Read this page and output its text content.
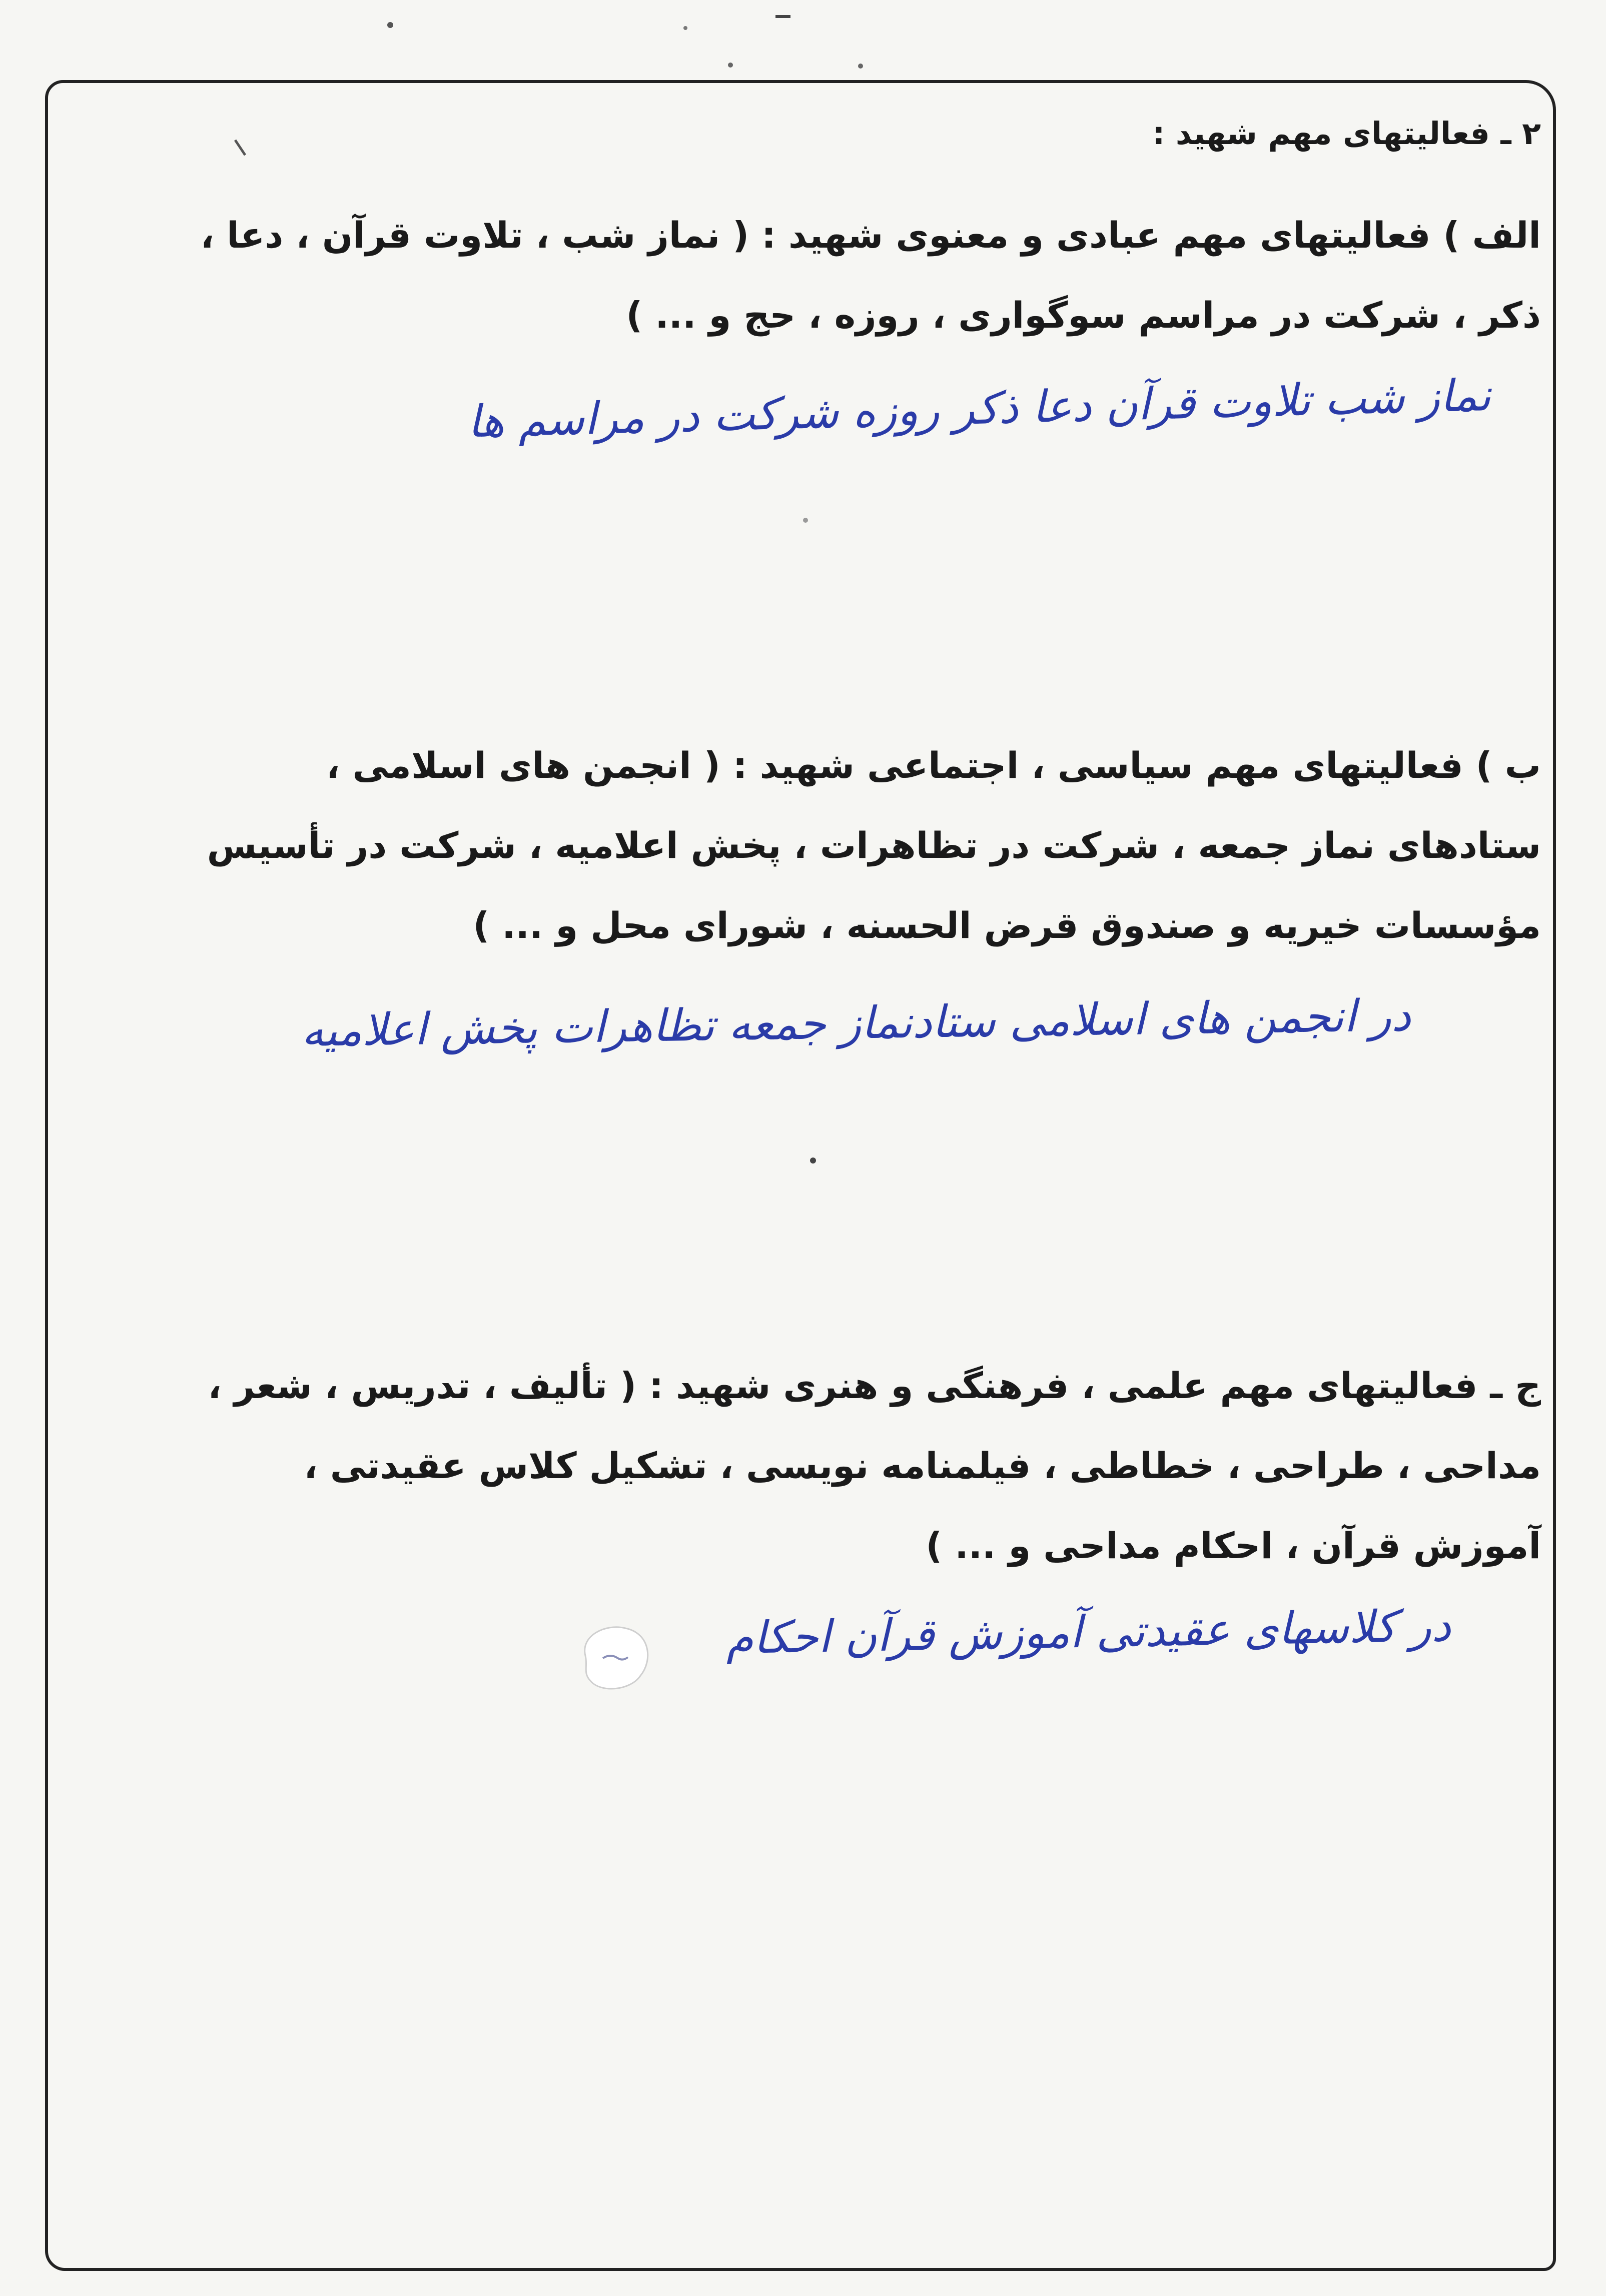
۲ ـ فعالیتهای مهم شهید :
الف ) فعالیتهای مهم عبادی و معنوی شهید : ( نماز شب ، تلاوت قرآن ، دعا ،
ذکر ، شرکت در مراسم سوگواری ، روزه ، حج و ... )
نماز شب تلاوت قرآن دعا ذکر روزه شرکت در مراسم ها
ب ) فعالیتهای مهم سیاسی ، اجتماعی شهید : ( انجمن های اسلامی ،
ستادهای نماز جمعه ، شرکت در تظاهرات ، پخش اعلامیه ، شرکت در تأسیس
مؤسسات خیریه و صندوق قرض الحسنه ، شورای محل و ... )
در انجمن های اسلامی ستادنماز جمعه تظاهرات پخش اعلامیه
ج ـ فعالیتهای مهم علمی ، فرهنگی و هنری شهید : ( تألیف ، تدریس ، شعر ،
مداحی ، طراحی ، خطاطی ، فیلمنامه نویسی ، تشکیل کلاس عقیدتی ،
آموزش قرآن ، احکام مداحی و ... )
در کلاسهای عقیدتی آموزش قرآن احکام
